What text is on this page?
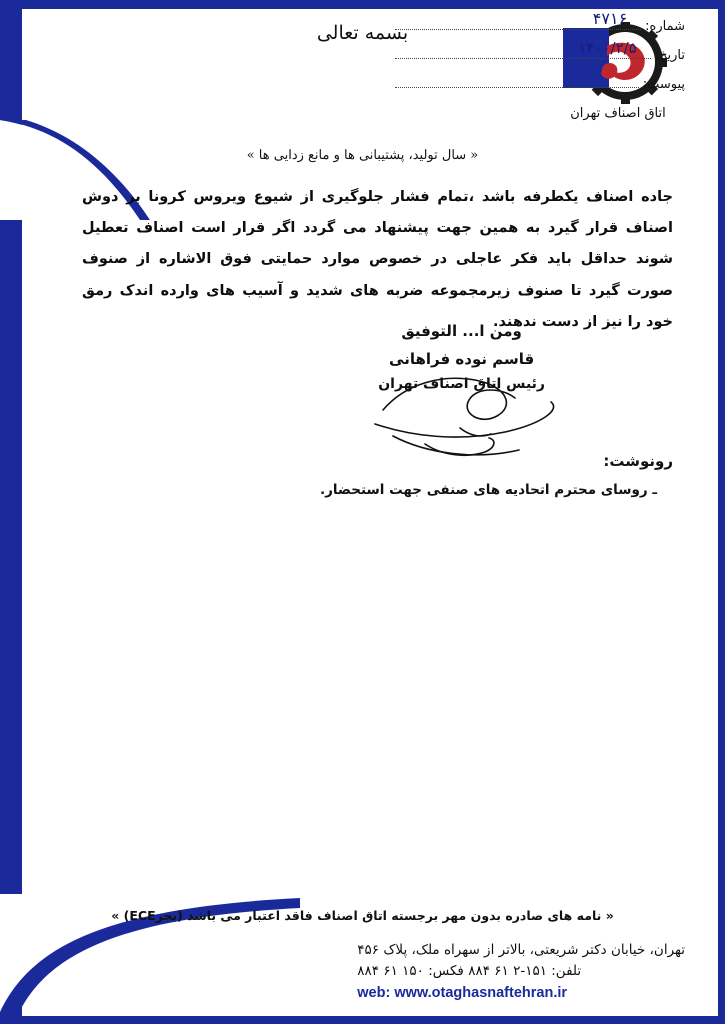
بسمه تعالی
اتاق اصناف تهران
شماره:
۴۷۱۶
تاریخ:
۱۴۰۰/۲/۵
پیوست:
« سال تولید، پشتیبانی ها و مانع زدایی ها »
جاده اصناف یکطرفه باشد ،تمام فشار جلوگیری از شیوع ویروس کرونا بر دوش اصناف قرار گیرد به همین جهت پیشنهاد می گردد اگر قرار است اصناف تعطیل شوند حداقل باید فکر عاجلی در خصوص موارد حمایتی فوق الاشاره از صنوف صورت گیرد تا صنوف زیرمجموعه ضربه های شدید و آسیب های وارده اندک رمق خود را نیز از دست ندهند.
ومن ا... التوفیق
قاسم نوده فراهانی
رئیس اتاق اصناف تهران
رونوشت:
ـ روسای محترم اتحادیه های صنفی جهت استحضار.
« نامه های صادره بدون مهر برجسته اتاق اصناف فاقد اعتبار می باشد (بجزECE) »
تهران، خیابان دکتر شریعتی، بالاتر از سهراه ملک، پلاک ۴۵۶
تلفن: ۱۵۱-۲ ۶۱ ۸۸۴ فکس: ۱۵۰ ۶۱ ۸۸۴
web: www.otaghasnaftehran.ir
